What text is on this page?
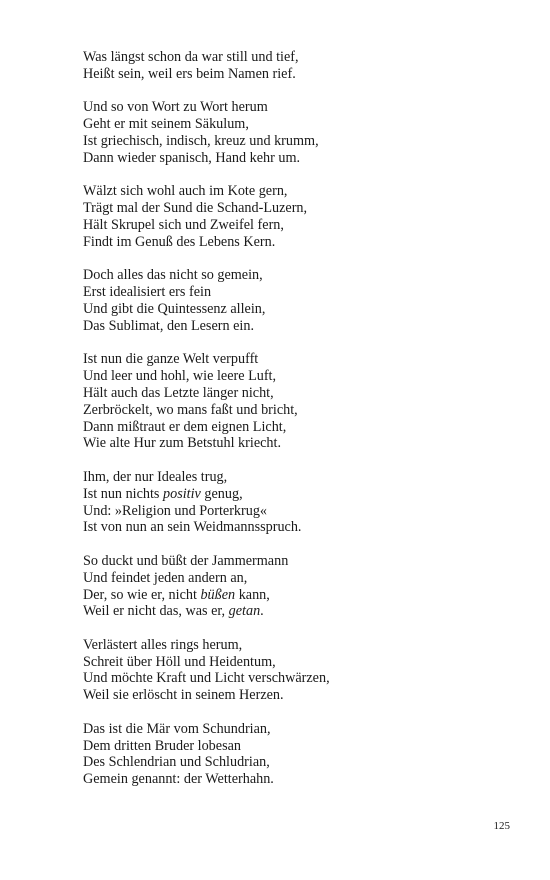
Was längst schon da war still und tief,
Heißt sein, weil ers beim Namen rief.
Und so von Wort zu Wort herum
Geht er mit seinem Säkulum,
Ist griechisch, indisch, kreuz und krumm,
Dann wieder spanisch, Hand kehr um.
Wälzt sich wohl auch im Kote gern,
Trägt mal der Sund die Schand-Luzern,
Hält Skrupel sich und Zweifel fern,
Findt im Genuß des Lebens Kern.
Doch alles das nicht so gemein,
Erst idealisiert ers fein
Und gibt die Quintessenz allein,
Das Sublimat, den Lesern ein.
Ist nun die ganze Welt verpufft
Und leer und hohl, wie leere Luft,
Hält auch das Letzte länger nicht,
Zerbröckelt, wo mans faßt und bricht,
Dann mißtraut er dem eignen Licht,
Wie alte Hur zum Betstuhl kriecht.
Ihm, der nur Ideales trug,
Ist nun nichts positiv genug,
Und: »Religion und Porterkrug«
Ist von nun an sein Weidmannsspruch.
So duckt und büßt der Jammermann
Und feindet jeden andern an,
Der, so wie er, nicht büßen kann,
Weil er nicht das, was er, getan.
Verlästert alles rings herum,
Schreit über Höll und Heidentum,
Und möchte Kraft und Licht verschwärzen,
Weil sie erlöscht in seinem Herzen.
Das ist die Mär vom Schundrian,
Dem dritten Bruder lobesan
Des Schlendrian und Schludrian,
Gemein genannt: der Wetterhahn.
125
